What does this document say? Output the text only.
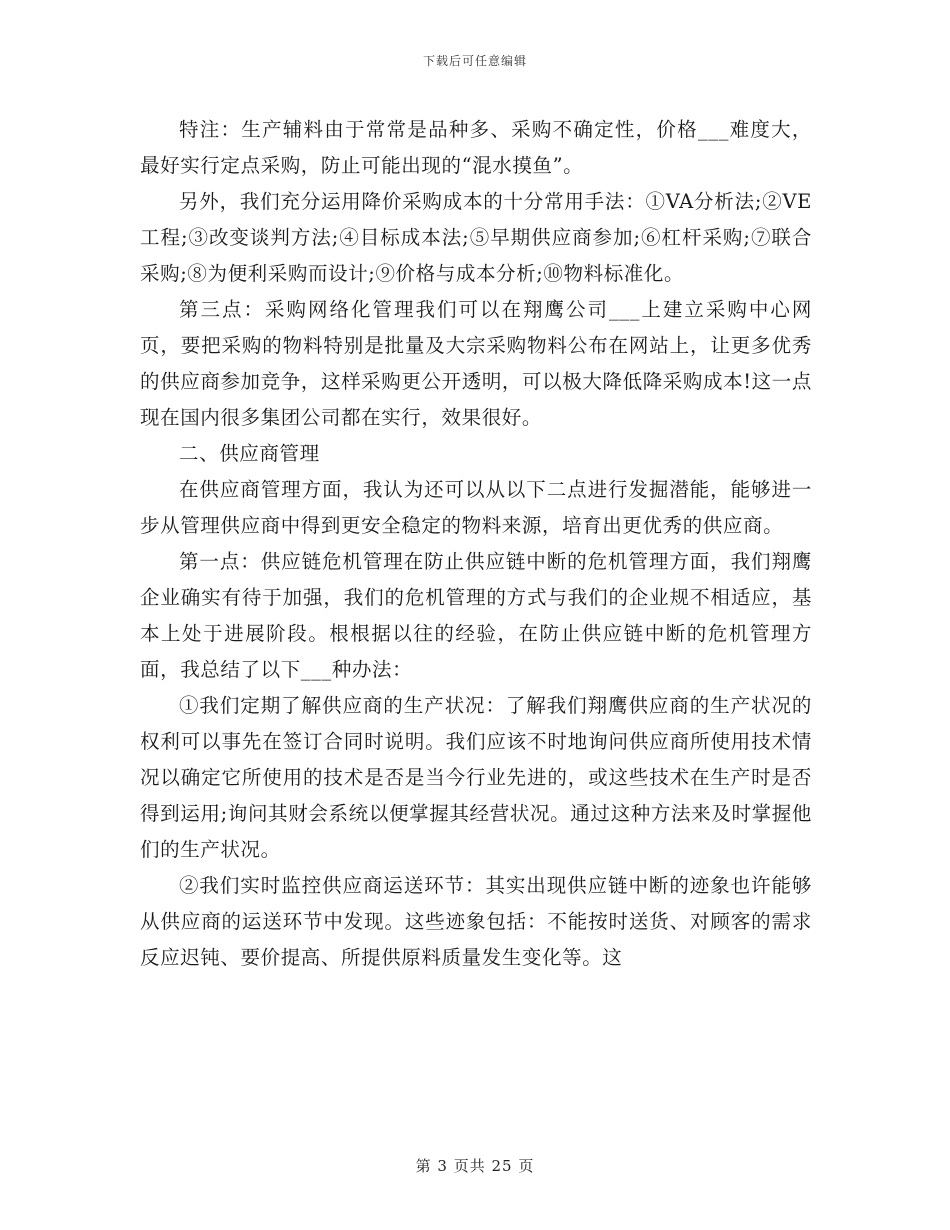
下载后可任意编辑

特注：生产辅料由于常常是品种多、采购不确定性，价格___难度大，最好实行定点采购，防止可能出现的“混水摸鱼”。

另外，我们充分运用降价采购成本的十分常用手法：①VA分析法;②VE工程;③改变谈判方法;④目标成本法;⑤早期供应商参加;⑥杠杆采购;⑦联合采购;⑧为便利采购而设计;⑨价格与成本分析;⑩物料标准化。

第三点：采购网络化管理我们可以在翔鹰公司___上建立采购中心网页，要把采购的物料特别是批量及大宗采购物料公布在网站上，让更多优秀的供应商参加竞争，这样采购更公开透明，可以极大降低降采购成本!这一点现在国内很多集团公司都在实行，效果很好。

二、供应商管理

在供应商管理方面，我认为还可以从以下二点进行发掘潜能，能够进一步从管理供应商中得到更安全稳定的物料来源，培育出更优秀的供应商。

第一点：供应链危机管理在防止供应链中断的危机管理方面，我们翔鹰企业确实有待于加强，我们的危机管理的方式与我们的企业规不相适应，基本上处于进展阶段。根根据以往的经验，在防止供应链中断的危机管理方面，我总结了以下___种办法：

①我们定期了解供应商的生产状况：了解我们翔鹰供应商的生产状况的权利可以事先在签订合同时说明。我们应该不时地询问供应商所使用技术情况以确定它所使用的技术是否是当今行业先进的，或这些技术在生产时是否得到运用;询问其财会系统以便掌握其经营状况。通过这种方法来及时掌握他们的生产状况。

②我们实时监控供应商运送环节：其实出现供应链中断的迹象也许能够从供应商的运送环节中发现。这些迹象包括：不能按时送货、对顾客的需求反应迟钝、要价提高、所提供原料质量发生变化等。这

第 3 页共 25 页
